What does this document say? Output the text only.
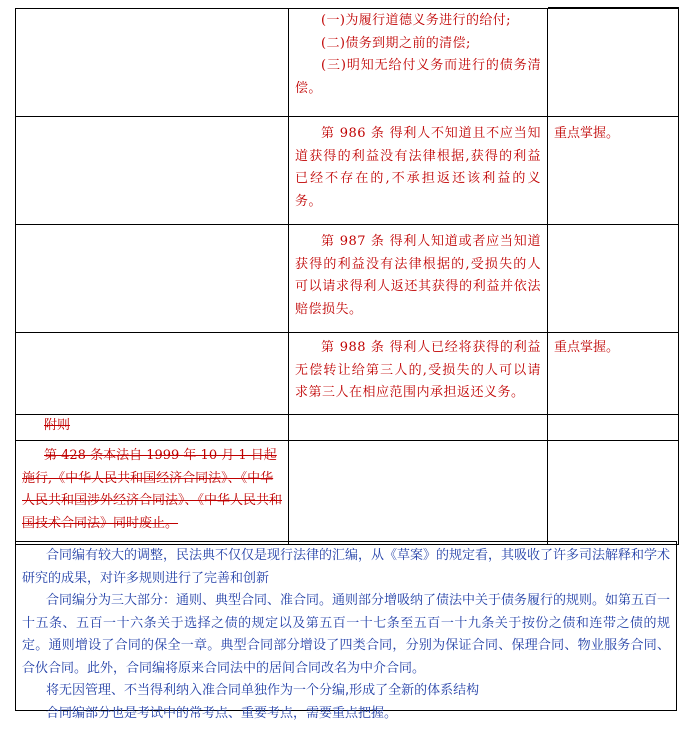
	(一)为履行道德义务进行的给付;
(二)债务到期之前的清偿;
(三)明知无给付义务而进行的债务清偿。	

	第 986 条 得利人不知道且不应当知道获得的利益没有法律根据,获得的利益已经不存在的,不承担返还该利益的义务。	重点掌握。

	第 987 条 得利人知道或者应当知道获得的利益没有法律根据的,受损失的人可以请求得利人返还其获得的利益并依法赔偿损失。	

	第 988 条 得利人已经将获得的利益无偿转让给第三人的,受损失的人可以请求第三人在相应范围内承担返还义务。	重点掌握。

附则		

第 428 条本法自 1999 年 10 月 1 日起施行,《中华人民共和国经济合同法》、《中华人民共和国涉外经济合同法》、《中华人民共和国技术合同法》同时废止。		

合同编有较大的调整，民法典不仅仅是现行法律的汇编，从《草案》的规定看，其吸收了许多司法解释和学术研究的成果，对许多规则进行了完善和创新

合同编分为三大部分：通则、典型合同、准合同。通则部分增吸纳了债法中关于债务履行的规则。如第五百一十五条、五百一十六条关于选择之债的规定以及第五百一十七条至五百一十九条关于按份之债和连带之债的规定。通则增设了合同的保全一章。典型合同部分增设了四类合同，分别为保证合同、保理合同、物业服务合同、合伙合同。此外，合同编将原来合同法中的居间合同改名为中介合同。

将无因管理、不当得利纳入准合同单独作为一个分编,形成了全新的体系结构

合同编部分也是考试中的常考点、重要考点，需要重点把握。
